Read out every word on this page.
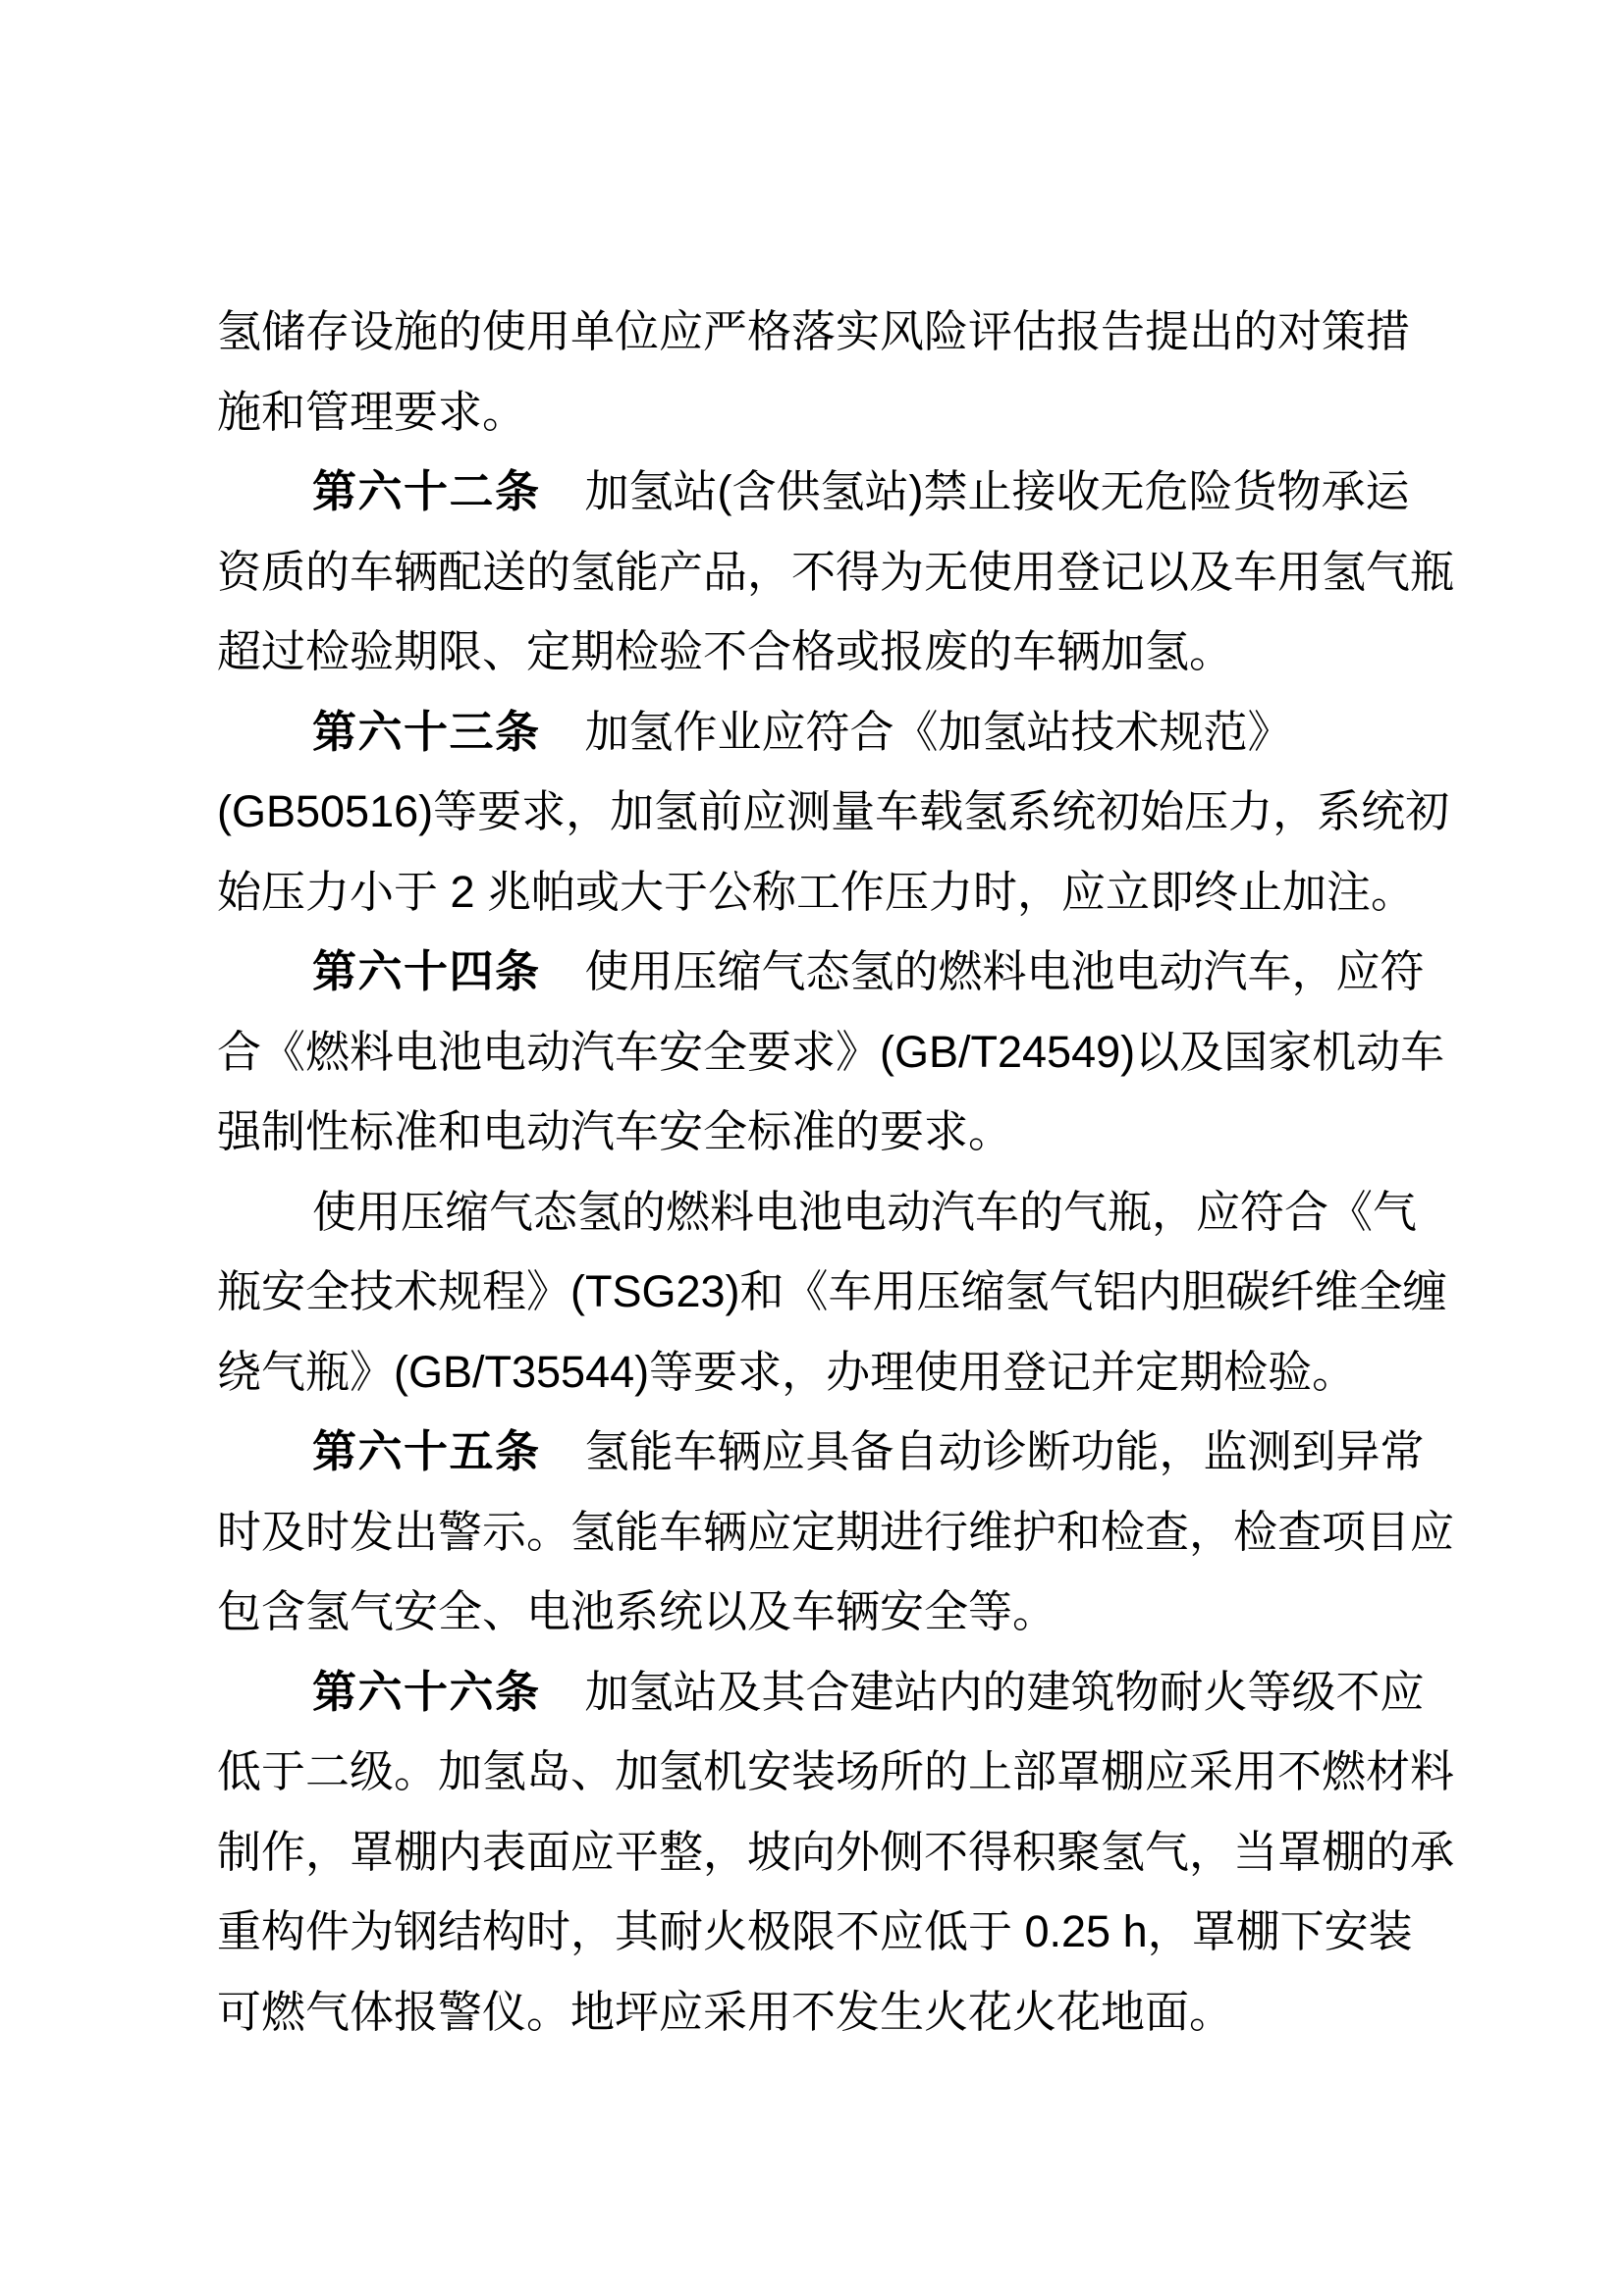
氢储存设施的使用单位应严格落实风险评估报告提出的对策措
施和管理要求。
第六十二条 加氢站(含供氢站)禁止接收无危险货物承运
资质的车辆配送的氢能产品，不得为无使用登记以及车用氢气瓶
超过检验期限、定期检验不合格或报废的车辆加氢。
第六十三条 加氢作业应符合《加氢站技术规范》
(GB50516)等要求，加氢前应测量车载氢系统初始压力，系统初
始压力小于 2 兆帕或大于公称工作压力时，应立即终止加注。
第六十四条 使用压缩气态氢的燃料电池电动汽车，应符
合《燃料电池电动汽车安全要求》(GB/T24549)以及国家机动车
强制性标准和电动汽车安全标准的要求。
使用压缩气态氢的燃料电池电动汽车的气瓶，应符合《气
瓶安全技术规程》(TSG23)和《车用压缩氢气铝内胆碳纤维全缠
绕气瓶》(GB/T35544)等要求，办理使用登记并定期检验。
第六十五条 氢能车辆应具备自动诊断功能，监测到异常
时及时发出警示。氢能车辆应定期进行维护和检查，检查项目应
包含氢气安全、电池系统以及车辆安全等。
第六十六条 加氢站及其合建站内的建筑物耐火等级不应
低于二级。加氢岛、加氢机安装场所的上部罩棚应采用不燃材料
制作，罩棚内表面应平整，坡向外侧不得积聚氢气，当罩棚的承
重构件为钢结构时，其耐火极限不应低于 0.25 h，罩棚下安装
可燃气体报警仪。地坪应采用不发生火花火花地面。
